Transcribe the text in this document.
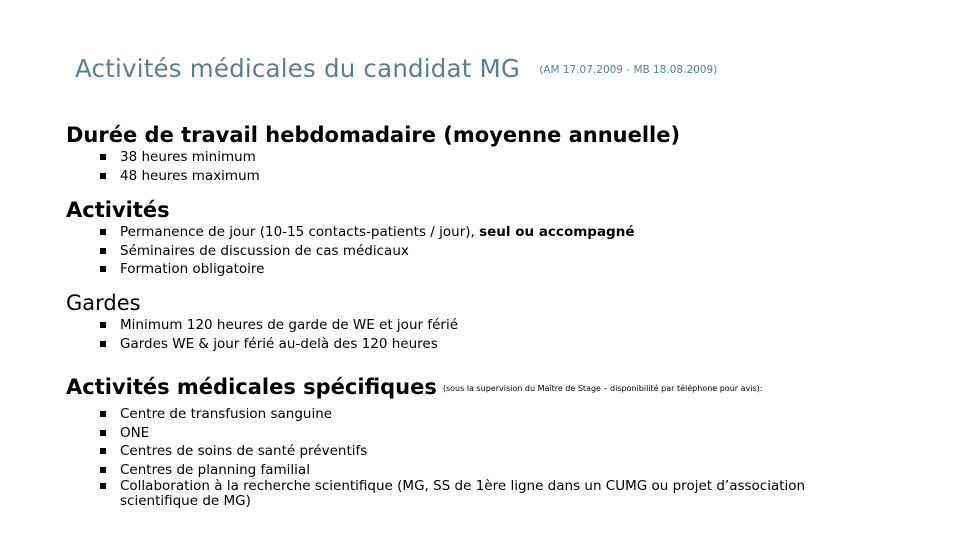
Activités médicales du candidat MG $^{(AM 17.07.2009 - MB 18.08.2009)}$
Durée de travail hebdomadaire (moyenne annuelle)
38 heures minimum
48 heures maximum
Activités
Permanence de jour (10-15 contacts-patients / jour), seul ou accompagné
Séminaires de discussion de cas médicaux
Formation obligatoire
Gardes
Minimum 120 heures de garde de WE et jour férié
Gardes WE & jour férié au-delà des 120 heures
Activités médicales spécifiques (sous la supervision du Maître de Stage – disponibilité par téléphone pour avis):
Centre de transfusion sanguine
ONE
Centres de soins de santé préventifs
Centres de planning familial
Collaboration à la recherche scientifique (MG, SS de 1ère ligne dans un CUMG ou projet d’association scientifique de MG)
